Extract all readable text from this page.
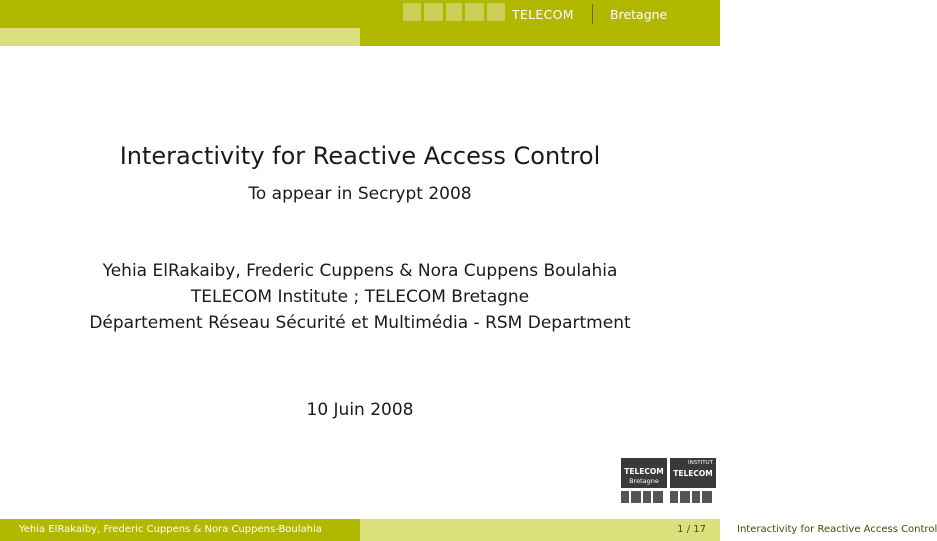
TELECOM	Bretagne
Interactivity for Reactive Access Control
To appear in Secrypt 2008
Yehia ElRakaiby, Frederic Cuppens & Nora Cuppens Boulahia
TELECOM Institute ; TELECOM Bretagne
Département Réseau Sécurité et Multimédia - RSM Department
10 Juin 2008
TELECOM
Bretagne
INSTITUT
TELECOM
Yehia ElRakaiby, Frederic Cuppens & Nora Cuppens-Boulahia	Interactivity for Reactive Access Control
1 / 17
